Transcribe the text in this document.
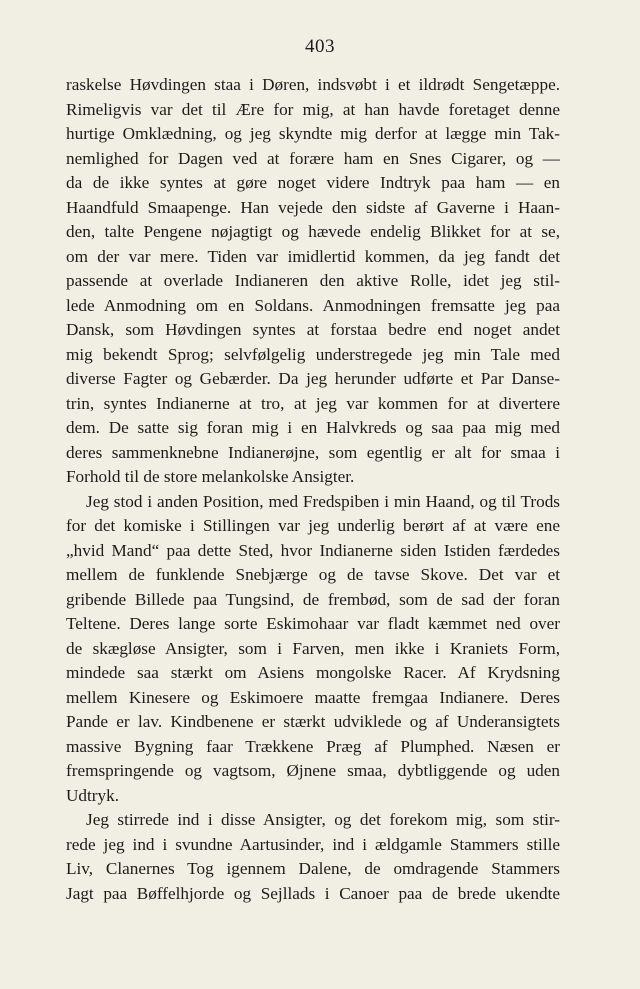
403
raskelse Høvdingen staa i Døren, indsvøbt i et ildrødt Sengetæppe.
Rimeligvis var det til Ære for mig, at han havde foretaget denne
hurtige Omklædning, og jeg skyndte mig derfor at lægge min Tak-
nemlighed for Dagen ved at forære ham en Snes Cigarer, og —
da de ikke syntes at gøre noget videre Indtryk paa ham — en
Haandfuld Smaapenge. Han vejede den sidste af Gaverne i Haan-
den, talte Pengene nøjagtigt og hævede endelig Blikket for at se,
om der var mere. Tiden var imidlertid kommen, da jeg fandt det
passende at overlade Indianeren den aktive Rolle, idet jeg stil-
lede Anmodning om en Soldans. Anmodningen fremsatte jeg paa
Dansk, som Høvdingen syntes at forstaa bedre end noget andet
mig bekendt Sprog; selvfølgelig understregede jeg min Tale med
diverse Fagter og Gebærder. Da jeg herunder udførte et Par Danse-
trin, syntes Indianerne at tro, at jeg var kommen for at divertere
dem. De satte sig foran mig i en Halvkreds og saa paa mig med
deres sammenknebne Indianerøjne, som egentlig er alt for smaa i
Forhold til de store melankolske Ansigter.
Jeg stod i anden Position, med Fredspiben i min Haand, og til Trods
for det komiske i Stillingen var jeg underlig berørt af at være ene
„hvid Mand“ paa dette Sted, hvor Indianerne siden Istiden færdedes
mellem de funklende Snebjærge og de tavse Skove. Det var et
gribende Billede paa Tungsind, de frembød, som de sad der foran
Teltene. Deres lange sorte Eskimohaar var fladt kæmmet ned over
de skægløse Ansigter, som i Farven, men ikke i Kraniets Form,
mindede saa stærkt om Asiens mongolske Racer. Af Krydsning
mellem Kinesere og Eskimoere maatte fremgaa Indianere. Deres
Pande er lav. Kindbenene er stærkt udviklede og af Underansigtets
massive Bygning faar Trækkene Præg af Plumphed. Næsen er
fremspringende og vagtsom, Øjnene smaa, dybtliggende og uden
Udtryk.
Jeg stirrede ind i disse Ansigter, og det forekom mig, som stir-
rede jeg ind i svundne Aartusinder, ind i ældgamle Stammers stille
Liv, Clanernes Tog igennem Dalene, de omdragende Stammers
Jagt paa Bøffelhjorde og Sejllads i Canoer paa de brede ukendte
